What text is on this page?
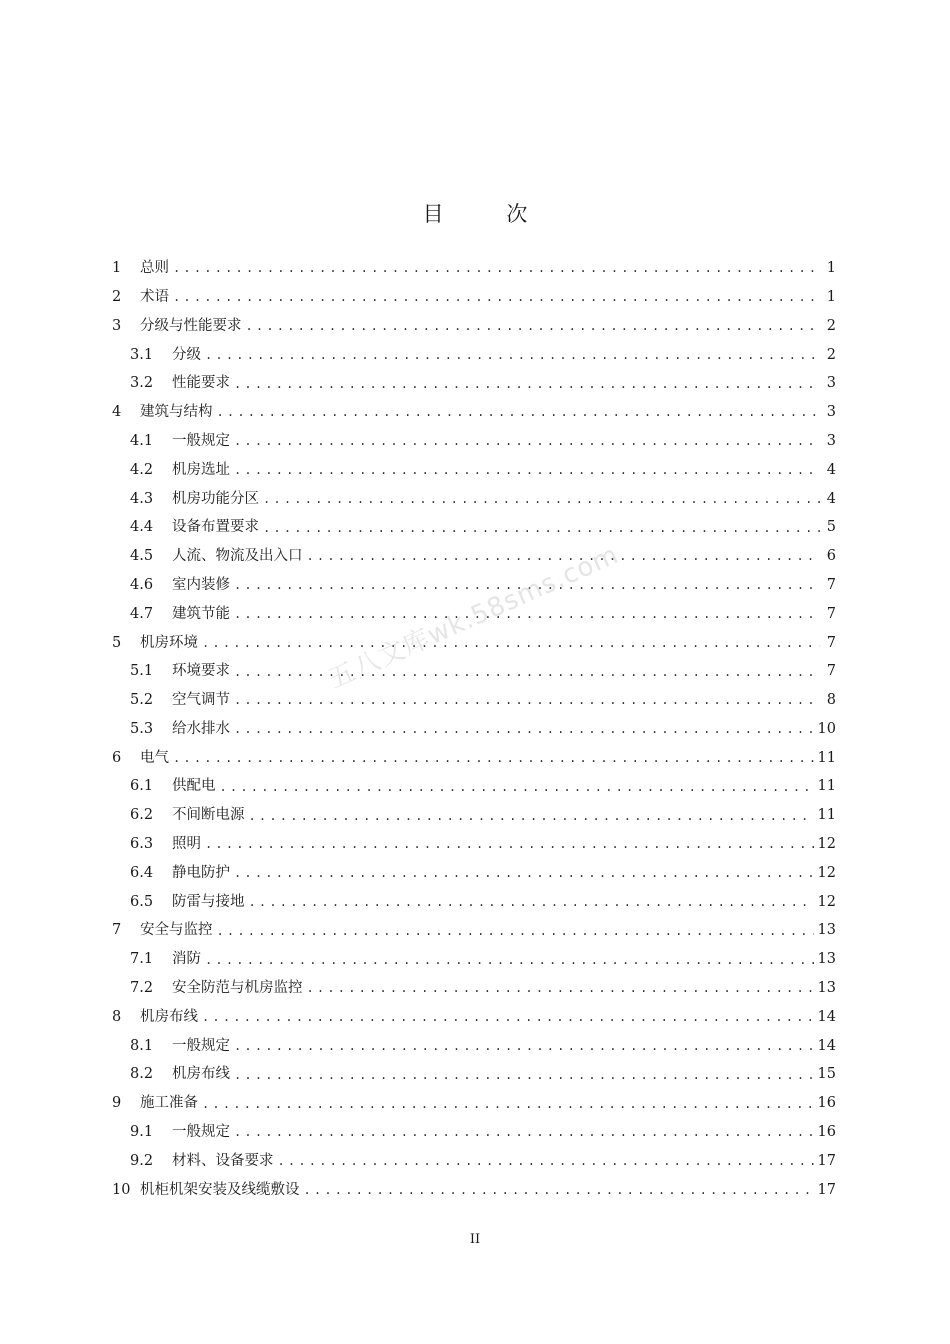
目 次
1	总则 .....	1
2	术语 .....	1
3	分级与性能要求 .....	2
3.1	分级 .....	2
3.2	性能要求 .....	3
4	建筑与结构 .....	3
4.1	一般规定 .....	3
4.2	机房选址 .....	4
4.3	机房功能分区 .....	4
4.4	设备布置要求 .....	5
4.5	人流、物流及出入口 .....	6
4.6	室内装修 .....	7
4.7	建筑节能 .....	7
5	机房环境 .....	7
5.1	环境要求 .....	7
5.2	空气调节 .....	8
5.3	给水排水 .....	10
6	电气 .....	11
6.1	供配电 .....	11
6.2	不间断电源 .....	11
6.3	照明 .....	12
6.4	静电防护 .....	12
6.5	防雷与接地 .....	12
7	安全与监控 .....	13
7.1	消防 .....	13
7.2	安全防范与机房监控 .....	13
8	机房布线 .....	14
8.1	一般规定 .....	14
8.2	机房布线 .....	15
9	施工准备 .....	16
9.1	一般规定 .....	16
9.2	材料、设备要求 .....	17
10 机柜机架安装及线缆敷设 .....	17
五八文库wk.58sms.com
II
